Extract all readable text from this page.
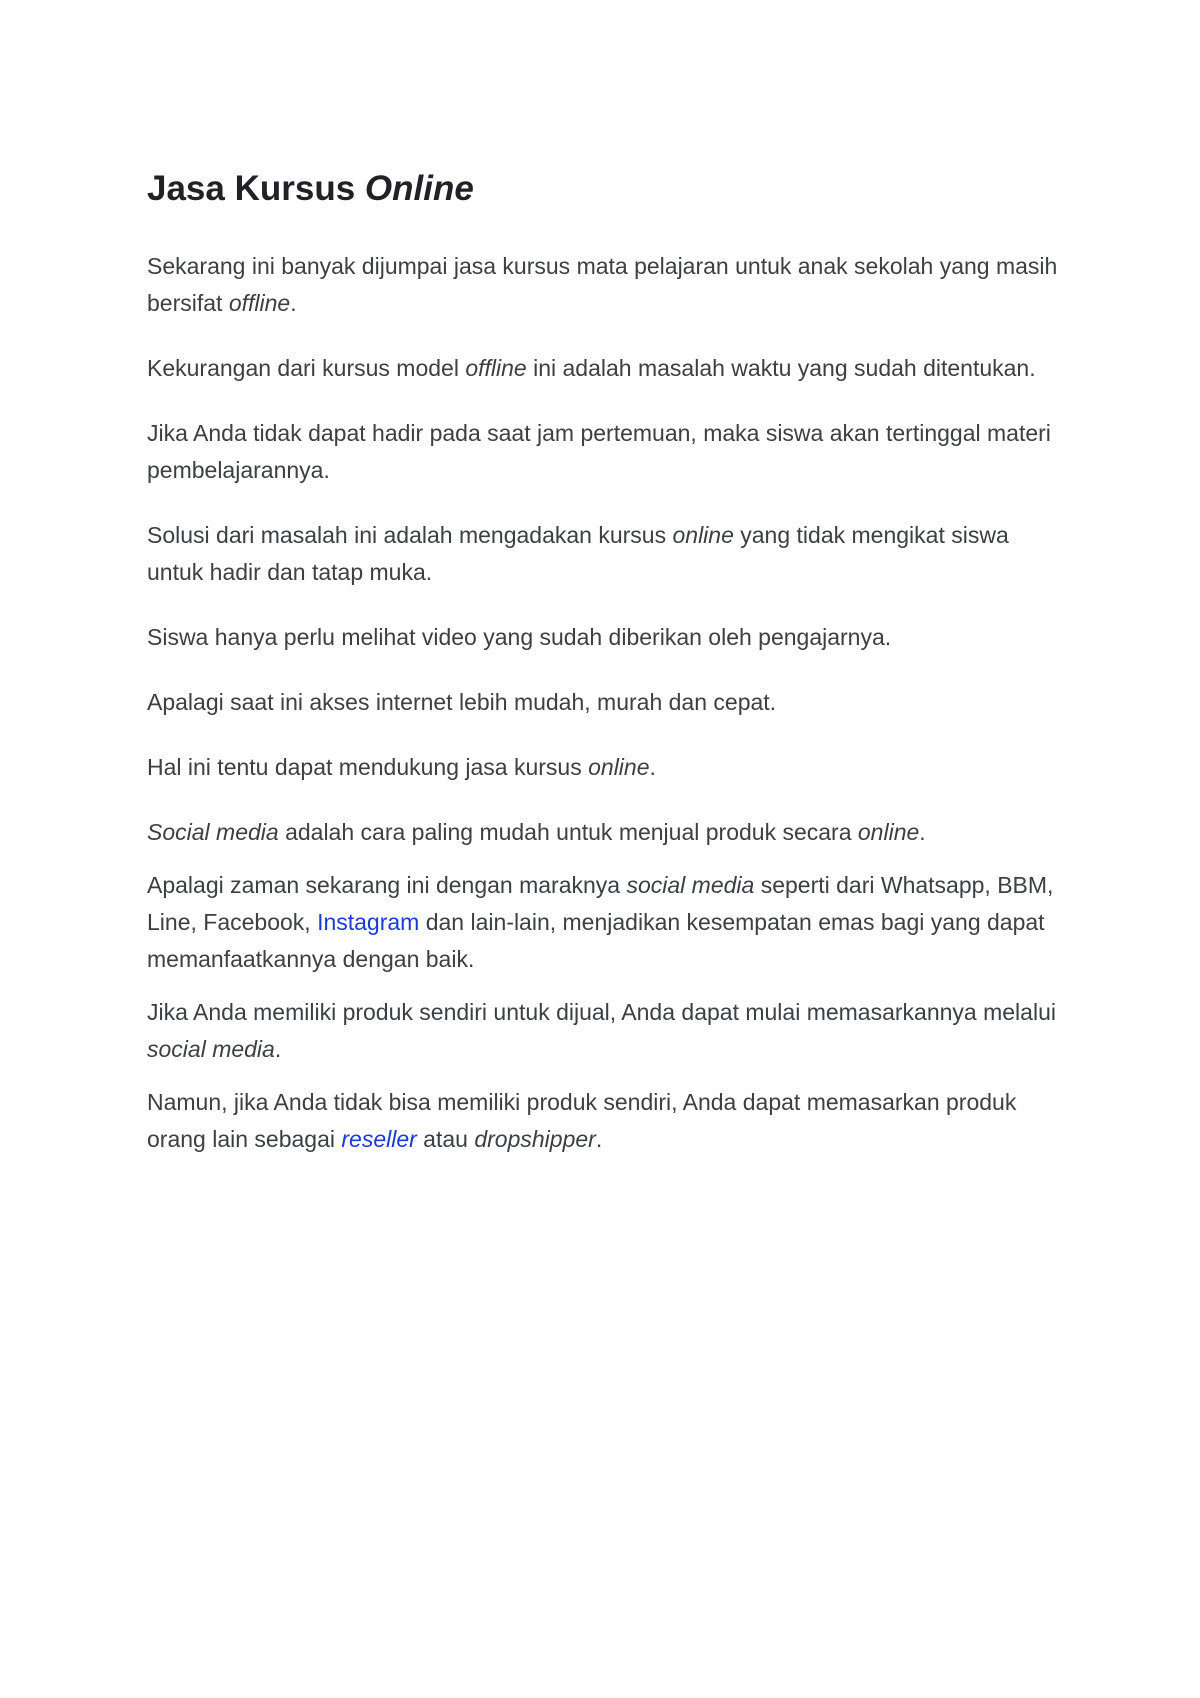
Jasa Kursus Online

Sekarang ini banyak dijumpai jasa kursus mata pelajaran untuk anak sekolah yang masih bersifat offline.

Kekurangan dari kursus model offline ini adalah masalah waktu yang sudah ditentukan.

Jika Anda tidak dapat hadir pada saat jam pertemuan, maka siswa akan tertinggal materi pembelajarannya.

Solusi dari masalah ini adalah mengadakan kursus online yang tidak mengikat siswa untuk hadir dan tatap muka.

Siswa hanya perlu melihat video yang sudah diberikan oleh pengajarnya.

Apalagi saat ini akses internet lebih mudah, murah dan cepat.

Hal ini tentu dapat mendukung jasa kursus online.

Social media adalah cara paling mudah untuk menjual produk secara online.

Apalagi zaman sekarang ini dengan maraknya social media seperti dari Whatsapp, BBM, Line, Facebook, Instagram dan lain-lain, menjadikan kesempatan emas bagi yang dapat memanfaatkannya dengan baik.

Jika Anda memiliki produk sendiri untuk dijual, Anda dapat mulai memasarkannya melalui social media.

Namun, jika Anda tidak bisa memiliki produk sendiri, Anda dapat memasarkan produk orang lain sebagai reseller atau dropshipper.
